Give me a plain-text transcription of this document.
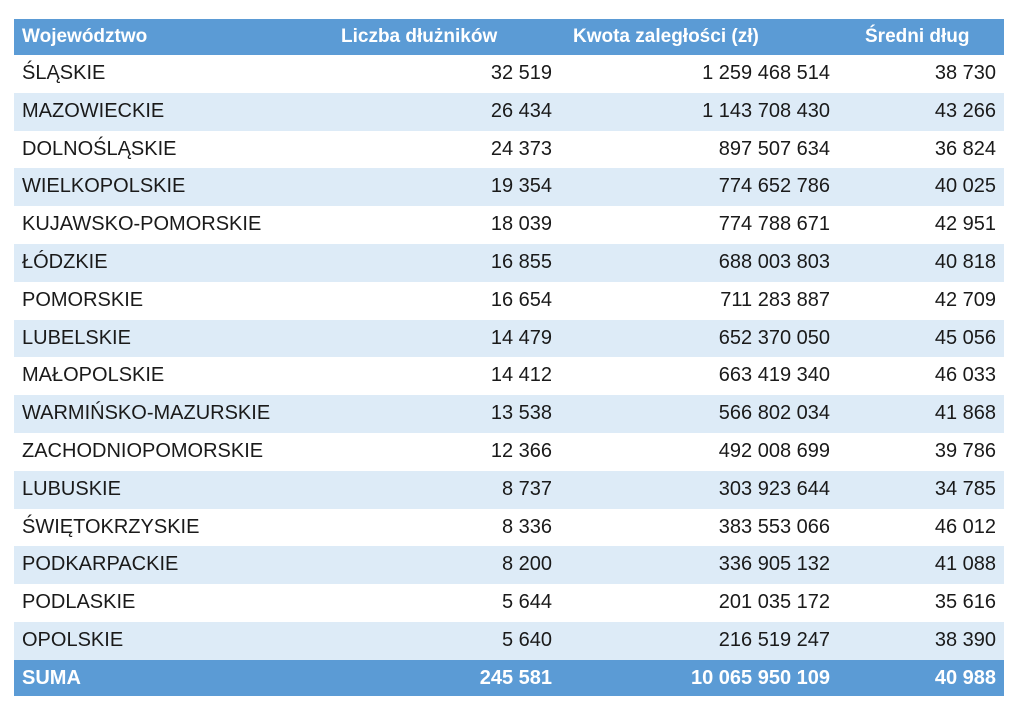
Województwo	Liczba dłużników	Kwota zaległości (zł)	Średni dług
ŚLĄSKIE	32 519	1 259 468 514	38 730
MAZOWIECKIE	26 434	1 143 708 430	43 266
DOLNOŚLĄSKIE	24 373	897 507 634	36 824
WIELKOPOLSKIE	19 354	774 652 786	40 025
KUJAWSKO-POMORSKIE	18 039	774 788 671	42 951
ŁÓDZKIE	16 855	688 003 803	40 818
POMORSKIE	16 654	711 283 887	42 709
LUBELSKIE	14 479	652 370 050	45 056
MAŁOPOLSKIE	14 412	663 419 340	46 033
WARMIŃSKO-MAZURSKIE	13 538	566 802 034	41 868
ZACHODNIOPOMORSKIE	12 366	492 008 699	39 786
LUBUSKIE	8 737	303 923 644	34 785
ŚWIĘTOKRZYSKIE	8 336	383 553 066	46 012
PODKARPACKIE	8 200	336 905 132	41 088
PODLASKIE	5 644	201 035 172	35 616
OPOLSKIE	5 640	216 519 247	38 390
SUMA	245 581	10 065 950 109	40 988
